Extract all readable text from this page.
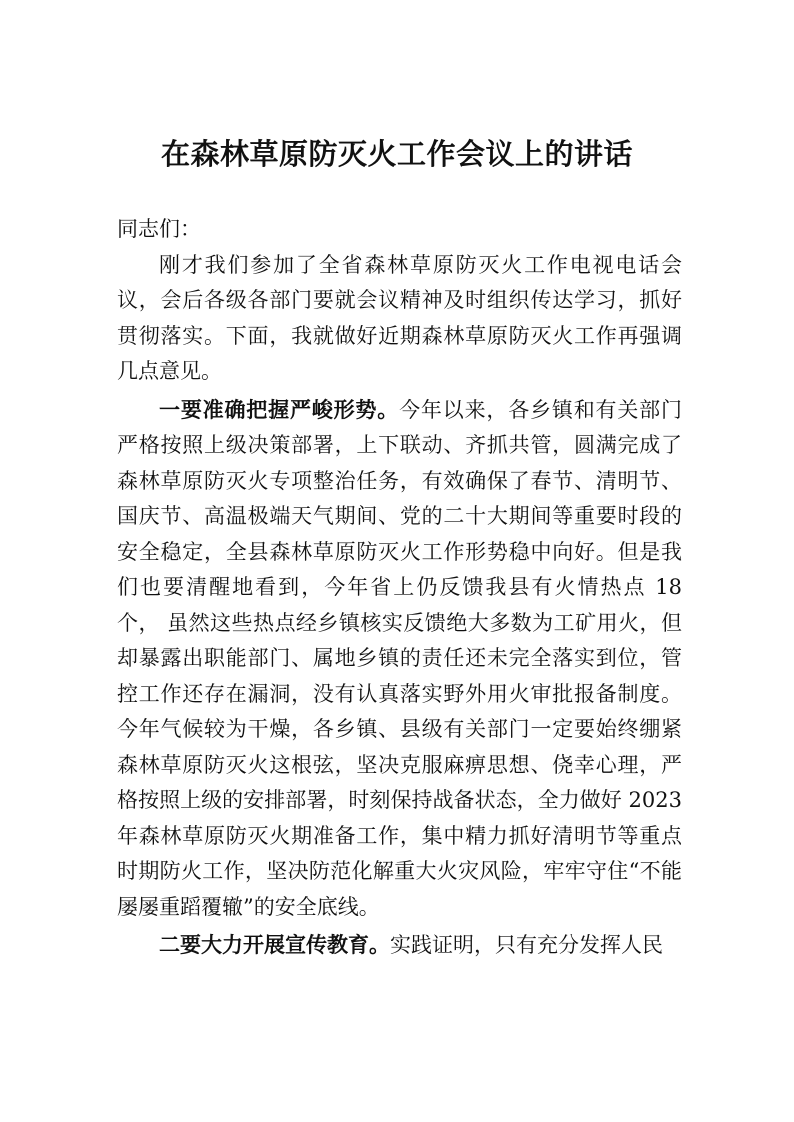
在森林草原防灭火工作会议上的讲话

同志们：

刚才我们参加了全省森林草原防灭火工作电视电话会议，会后各级各部门要就会议精神及时组织传达学习，抓好贯彻落实。下面，我就做好近期森林草原防灭火工作再强调几点意见。

一要准确把握严峻形势。今年以来，各乡镇和有关部门严格按照上级决策部署，上下联动、齐抓共管，圆满完成了森林草原防灭火专项整治任务，有效确保了春节、清明节、 国庆节、高温极端天气期间、党的二十大期间等重要时段的安全稳定，全县森林草原防灭火工作形势稳中向好。但是我们也要清醒地看到，今年省上仍反馈我县有火情热点 18 个， 虽然这些热点经乡镇核实反馈绝大多数为工矿用火，但却暴露出职能部门、属地乡镇的责任还未完全落实到位，管控工作还存在漏洞，没有认真落实野外用火审批报备制度。今年气候较为干燥，各乡镇、县级有关部门一定要始终绷紧森林草原防灭火这根弦，坚决克服麻痹思想、侥幸心理，严格按照上级的安排部署，时刻保持战备状态，全力做好 2023 年森林草原防灭火期准备工作，集中精力抓好清明节等重点时期防火工作，坚决防范化解重大火灾风险，牢牢守住“不能屡屡重蹈覆辙”的安全底线。

二要大力开展宣传教育。实践证明，只有充分发挥人民
